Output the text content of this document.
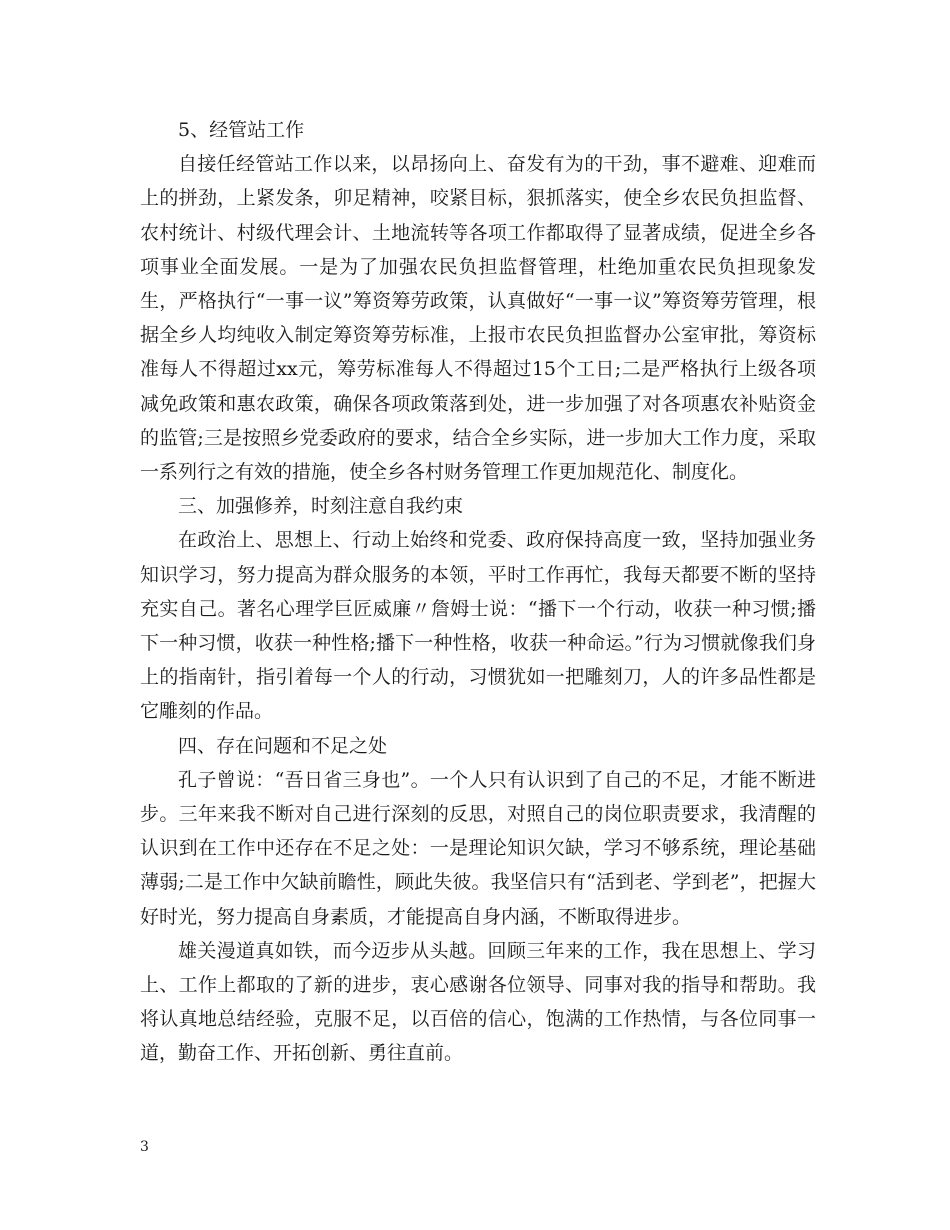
5、经管站工作

自接任经管站工作以来，以昂扬向上、奋发有为的干劲，事不避难、迎难而上的拼劲，上紧发条，卯足精神，咬紧目标，狠抓落实，使全乡农民负担监督、农村统计、村级代理会计、土地流转等各项工作都取得了显著成绩，促进全乡各项事业全面发展。一是为了加强农民负担监督管理，杜绝加重农民负担现象发生，严格执行“一事一议”筹资筹劳政策，认真做好“一事一议”筹资筹劳管理，根据全乡人均纯收入制定筹资筹劳标准，上报市农民负担监督办公室审批，筹资标准每人不得超过xx元，筹劳标准每人不得超过15个工日;二是严格执行上级各项减免政策和惠农政策，确保各项政策落到处，进一步加强了对各项惠农补贴资金的监管;三是按照乡党委政府的要求，结合全乡实际，进一步加大工作力度，采取一系列行之有效的措施，使全乡各村财务管理工作更加规范化、制度化。

三、加强修养，时刻注意自我约束

在政治上、思想上、行动上始终和党委、政府保持高度一致，坚持加强业务知识学习，努力提高为群众服务的本领，平时工作再忙，我每天都要不断的坚持充实自己。著名心理学巨匠威廉〃詹姆士说：“播下一个行动，收获一种习惯;播下一种习惯，收获一种性格;播下一种性格，收获一种命运。”行为习惯就像我们身上的指南针，指引着每一个人的行动，习惯犹如一把雕刻刀，人的许多品性都是它雕刻的作品。

四、存在问题和不足之处

孔子曾说：“吾日省三身也”。一个人只有认识到了自己的不足，才能不断进步。三年来我不断对自己进行深刻的反思，对照自己的岗位职责要求，我清醒的认识到在工作中还存在不足之处：一是理论知识欠缺，学习不够系统，理论基础薄弱;二是工作中欠缺前瞻性，顾此失彼。我坚信只有“活到老、学到老”，把握大好时光，努力提高自身素质，才能提高自身内涵，不断取得进步。

雄关漫道真如铁，而今迈步从头越。回顾三年来的工作，我在思想上、学习上、工作上都取的了新的进步，衷心感谢各位领导、同事对我的指导和帮助。我将认真地总结经验，克服不足，以百倍的信心，饱满的工作热情，与各位同事一道，勤奋工作、开拓创新、勇往直前。

3
